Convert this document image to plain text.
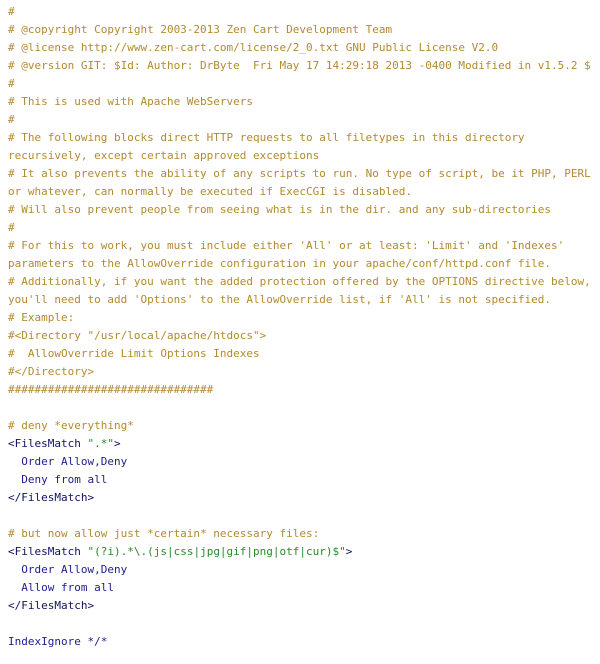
#
# @copyright Copyright 2003-2013 Zen Cart Development Team
# @license http://www.zen-cart.com/license/2_0.txt GNU Public License V2.0
# @version GIT: $Id: Author: DrByte  Fri May 17 14:29:18 2013 -0400 Modified in v1.5.2 $
#
# This is used with Apache WebServers
#
# The following blocks direct HTTP requests to all filetypes in this directory recursively, except certain approved exceptions
# It also prevents the ability of any scripts to run. No type of script, be it PHP, PERL or whatever, can normally be executed if ExecCGI is disabled.
# Will also prevent people from seeing what is in the dir. and any sub-directories
#
# For this to work, you must include either 'All' or at least: 'Limit' and 'Indexes' parameters to the AllowOverride configuration in your apache/conf/httpd.conf file.
# Additionally, if you want the added protection offered by the OPTIONS directive below, you'll need to add 'Options' to the AllowOverride list, if 'All' is not specified.
# Example:
#<Directory "/usr/local/apache/htdocs">
#  AllowOverride Limit Options Indexes
#</Directory>
###############################
# deny *everything*
<FilesMatch ".*">
Order Allow,Deny
Deny from all
</FilesMatch>
# but now allow just *certain* necessary files:
<FilesMatch "(?i).*\.(js|css|jpg|gif|png|otf|cur)$">
Order Allow,Deny
Allow from all
</FilesMatch>
IndexIgnore */*
